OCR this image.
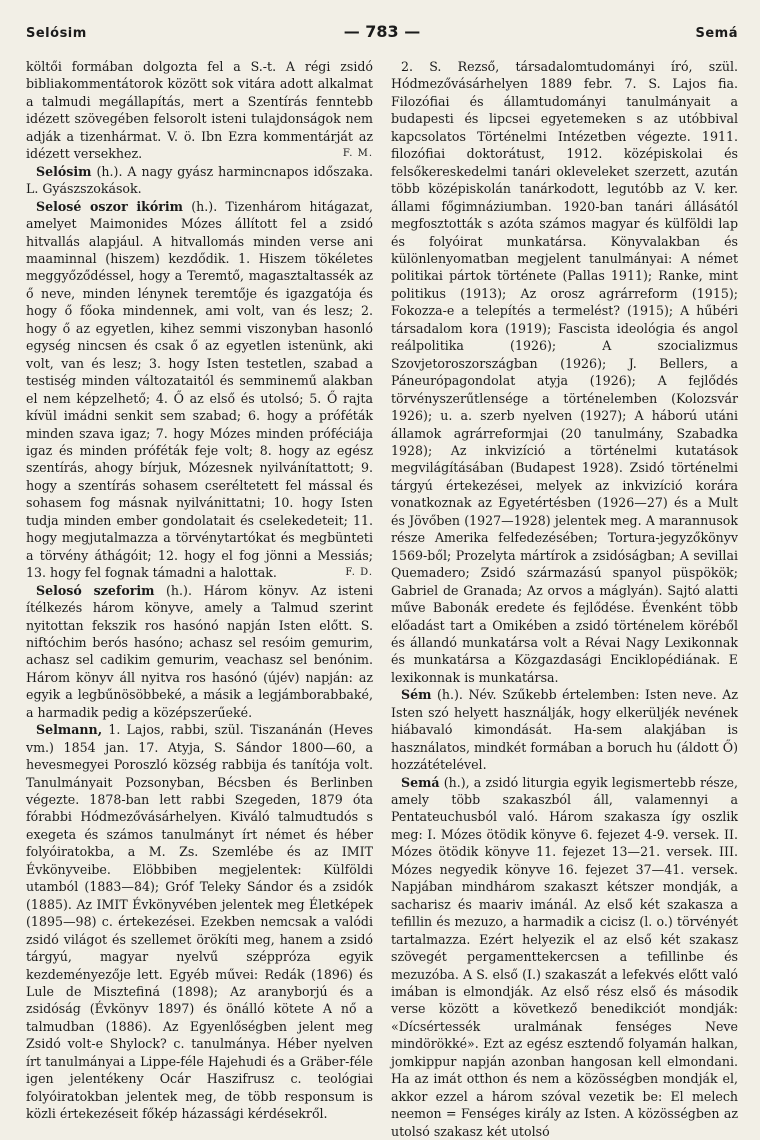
Selósim	— 783 —	Semá

költői formában dolgozta fel a S.-t. A régi zsidó bibliakommentátorok között sok vitára adott alkalmat a talmudi megállapítás, mert a Szentírás fenntebb idézett szövegében felsorolt isteni tulajdonságok nem adják a tizenhármat. V. ö. Ibn Ezra kommentárját az idézett versekhez.	F. M.

Selósim (h.). A nagy gyász harmincnapos időszaka. L. Gyászszokások.

Selosé oszor ikórim (h.). Tizenhárom hitágazat, amelyet Maimonides Mózes állított fel a zsidó hitvallás alapjául. A hitvallomás minden verse ani maaminnal (hiszem) kezdődik. 1. Hiszem tökéletes meggyőződéssel, hogy a Teremtő, magasztaltassék az ő neve, minden lénynek teremtője és igazgatója és hogy ő főoka mindennek, ami volt, van és lesz; 2. hogy ő az egyetlen, kihez semmi viszonyban hasonló egység nincsen és csak ő az egyetlen istenünk, aki volt, van és lesz; 3. hogy Isten testetlen, szabad a testiség minden változataitól és semminemű alakban el nem képzelhető; 4. Ő az első és utolsó; 5. Ő rajta kívül imádni senkit sem szabad; 6. hogy a próféták minden szava igaz; 7. hogy Mózes minden próféciája igaz és minden próféták feje volt; 8. hogy az egész szentírás, ahogy bírjuk, Mózesnek nyilvánítattott; 9. hogy a szentírás sohasem cseréltetett fel mással és sohasem fog másnak nyilvánittatni; 10. hogy Isten tudja minden ember gondolatait és cselekedeteit; 11. hogy megjutalmazza a törvénytartókat és megbünteti a törvény áthágóit; 12. hogy el fog jönni a Messiás; 13. hogy fel fognak támadni a halottak.	F. D.

Selosó szeforim (h.). Három könyv. Az isteni ítélkezés három könyve, amely a Talmud szerint nyitottan fekszik ros hasónó napján Isten előtt. S. niftóchim berós hasóno; achasz sel resóim gemurim, achasz sel cadikim gemurim, veachasz sel benónim. Három könyv áll nyitva ros hasónó (újév) napján: az egyik a legbűnösöbbeké, a másik a legjámborabbaké, a harmadik pedig a középszerűeké.

Selmann, 1. Lajos, rabbi, szül. Tiszanánán (Heves vm.) 1854 jan. 17. Atyja, S. Sándor 1800—60, a hevesmegyei Poroszló község rabbija és tanítója volt. Tanulmányait Pozsonyban, Bécsben és Berlinben végezte. 1878-ban lett rabbi Szegeden, 1879 óta fórabbi Hódmezővásárhelyen. Kiváló talmudtudós s exegeta és számos tanulmányt írt német és héber folyóiratokba, a M. Zs. Szemlébe és az IMIT Évkönyveibe. Elöbbiben megjelentek: Külföldi utamból (1883—84); Gróf Teleky Sándor és a zsidók (1885). Az IMIT Évkönyvében jelentek meg Életképek (1895—98) c. értekezései. Ezekben nemcsak a valódi zsidó világot és szellemet örökíti meg, hanem a zsidó tárgyú, magyar nyelvű szépprózа egyik kezdeményezője lett. Egyéb művei: Redák (1896) és Lule de Misztefiná (1898); Az aranyborjú és a zsidóság (Évkönyv 1897) és önálló kötete A nő a talmudban (1886). Az Egyenlőségben jelent meg Zsidó volt-e Shylock? c. tanulmánya. Héber nyelven írt tanulmányai a Lippe-féle Hajehudi és a Gräber-féle igen jelentékeny Ocár Haszifrusz c. teológiai folyóiratokban jelentek meg, de több responsum is közli értekezéseit főkép házassági kérdésekről.

2. S. Rezső, társadalomtudományi író, szül. Hódmezővásárhelyen 1889 febr. 7. S. Lajos fia. Filozófiai és államtudományi tanulmányait a budapesti és lipcsei egyetemeken s az utóbbival kapcsolatos Történelmi Intézetben végezte. 1911. filozófiai doktorátust, 1912. középiskolai és felsőkereskedelmi tanári okleveleket szerzett, azután több középiskolán tanárkodott, legutóbb az V. ker. állami főgimnáziumban. 1920-ban tanári állásától megfosztották s azóta számos magyar és külföldi lap és folyóirat munkatársa. Könyvalakban és különlenyomatban megjelent tanulmányai: A német politikai pártok története (Pallas 1911); Ranke, mint politikus (1913); Az orosz agrárreform (1915); Fokozza-e a telepítés a termelést? (1915); A hűbéri társadalom kora (1919); Fascista ideológia és angol reálpolitika (1926); A szocializmus Szovjetoroszországban (1926); J. Bellers, a Páneurópagondolat atyja (1926); A fejlődés törvényszerűtlensége a történelemben (Kolozsvár 1926); u. a. szerb nyelven (1927); A háború utáni államok agrárreformjai (20 tanulmány, Szabadka 1928); Az inkvizíció a történelmi kutatások megvilágításában (Budapest 1928). Zsidó történelmi tárgyú értekezései, melyek az inkvizíció korára vonatkoznak az Egyetértésben (1926—27) és a Mult és Jövőben (1927—1928) jelentek meg. A marannusok része Amerika felfedezésében; Tortura-jegyzőkönyv 1569-ből; Prozelyta mártírok a zsidóságban; A sevillai Quemadero; Zsidó származású spanyol püspökök; Gabriel de Granada; Az orvos a máglyán). Sajtó alatti műve Babonák eredete és fejlődése. Évenként több előadást tart a Omikében a zsidó történelem köréből és állandó munkatársa volt a Révai Nagy Lexikonnak és munkatársa a Közgazdasági Enciklopédiának. E lexikonnak is munkatársa.

Sém (h.). Név. Szűkebb értelemben: Isten neve. Az Isten szó helyett használják, hogy elkerüljék nevének hiábavaló kimondását. Ha-sem alakjában is használatos, mindkét formában a boruch hu (áldott Ő) hozzátételével.

Semá (h.), a zsidó liturgia egyik legismertebb része, amely több szakaszból áll, valamennyi a Pentateuchusból való. Három szakasza így oszlik meg: I. Mózes ötödik könyve 6. fejezet 4-9. versek. II. Mózes ötödik könyve 11. fejezet 13—21. versek. III. Mózes negyedik könyve 16. fejezet 37—41. versek. Napjában mindhárom szakaszt kétszer mondják, a sacharisz és maariv imánál. Az első két szakasza a tefillin és mezuzo, a harmadik a cicisz (l. o.) törvényét tartalmazza. Ezért helyezik el az első két szakasz szövegét pergamenttekercsen a tefillinbe és mezuzóba. A S. első (I.) szakaszát a lefekvés előtt való imában is elmondják. Az első rész első és második verse között a következő benedikciót mondják: «Dícsértessék uralmának fenséges Neve mindörökké». Ezt az egész esztendő folyamán halkan, jomkippur napján azonban hangosan kell elmondani. Ha az imát otthon és nem a közösségben mondják el, akkor ezzel a három szóval vezetik be: El melech neemon = Fenséges király az Isten. A közösségben az utolsó szakasz két utolsó
